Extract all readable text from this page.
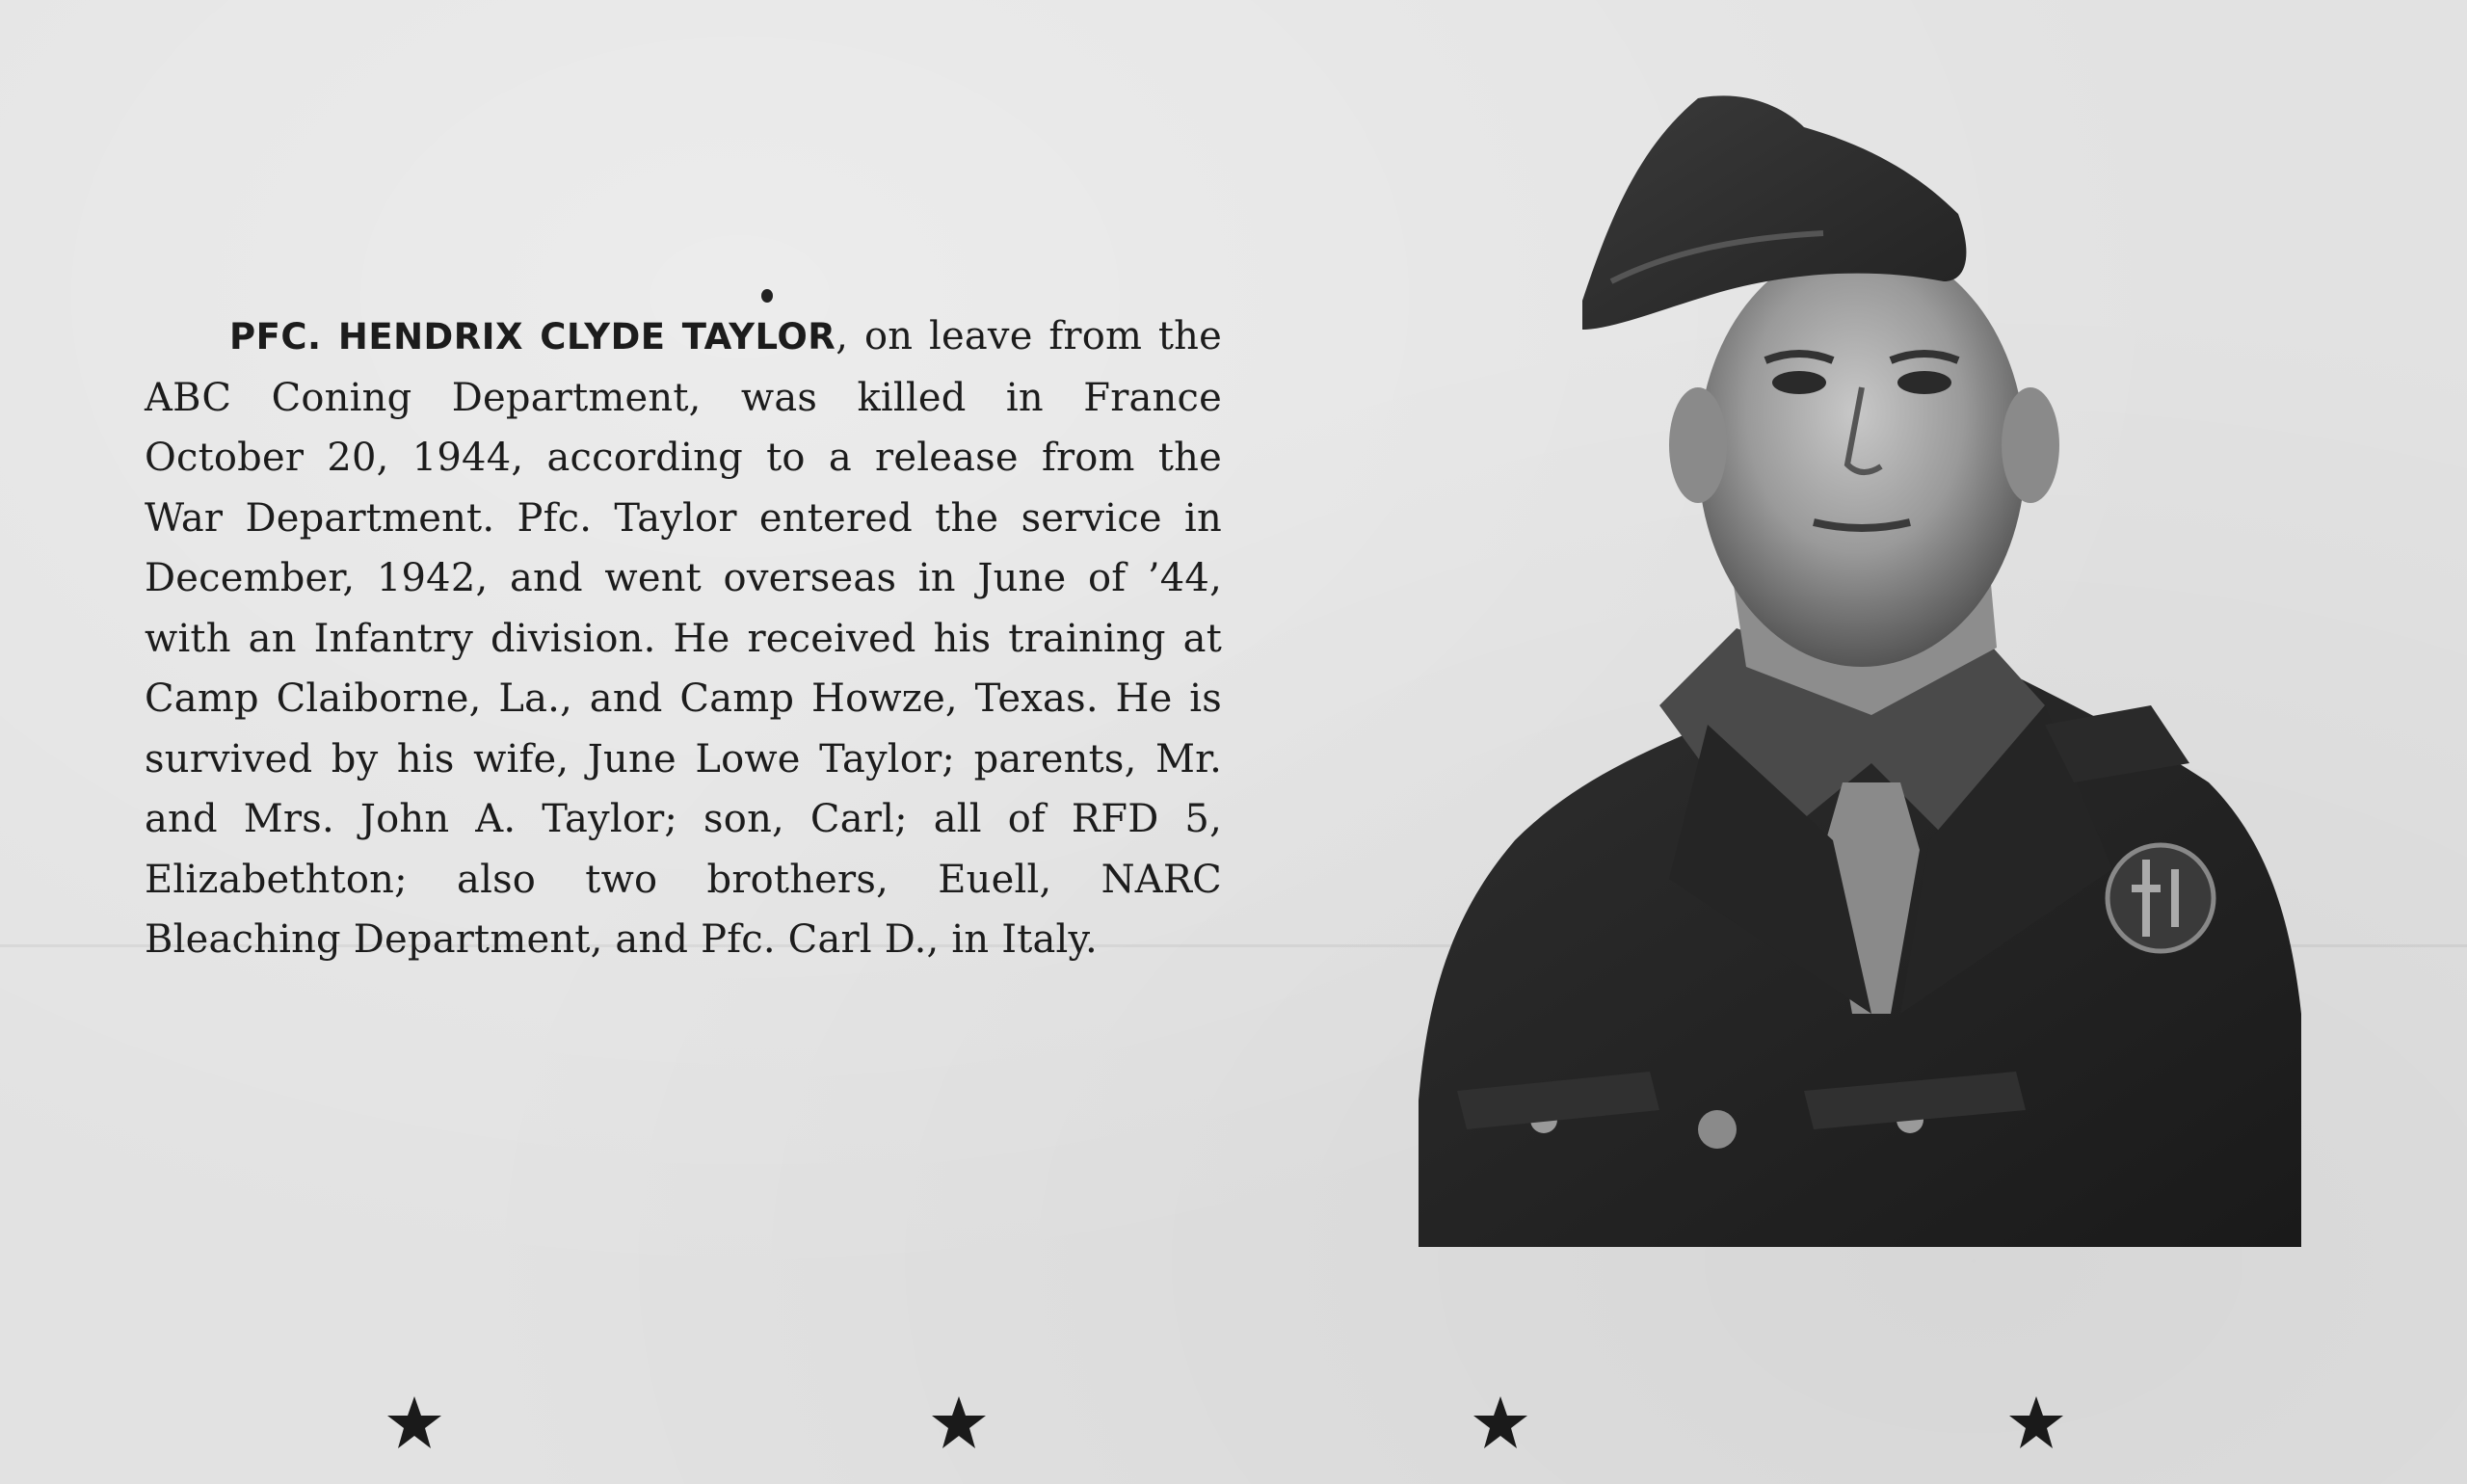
PFC. HENDRIX CLYDE TAYLOR, on leave from the ABC Coning Department, was killed in France October 20, 1944, according to a release from the War Department. Pfc. Taylor entered the service in December, 1942, and went overseas in June of ’44, with an Infantry division. He received his training at Camp Claiborne, La., and Camp Howze, Texas. He is survived by his wife, June Lowe Taylor; parents, Mr. and Mrs. John A. Taylor; son, Carl; all of RFD 5, Elizabethton; also two brothers, Euell, NARC Bleaching Department, and Pfc. Carl D., in Italy.
